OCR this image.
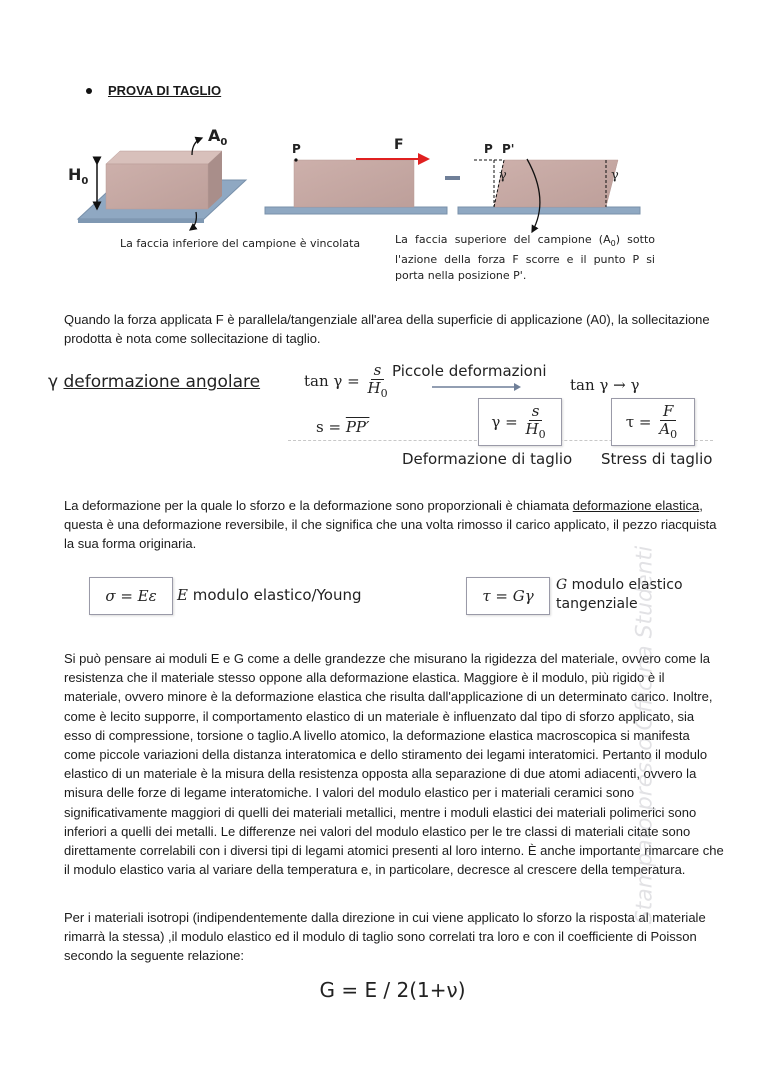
PROVA DI TAGLIO
$A_0$
$H_0$
P	F	P P'
γ	γ
La faccia inferiore del campione è vincolata	La faccia superiore del campione $(A_0)$ sotto l'azione della forza F scorre e il punto P si porta nella posizione P'.
Quando la forza applicata F è parallela/tangenziale all'area della superficie di applicazione (A0), la sollecitazione prodotta è nota come sollecitazione di taglio.
γ deformazione angolare	tan γ =
$\frac{s}{H_0}$ Piccole deformazioni
tan γ → γ
s = PP′	γ =
$\frac{s}{H_0}$	τ =
$\frac{F}{A_0}$
Deformazione di taglio Stress di taglio
La deformazione per la quale lo sforzo e la deformazione sono proporzionali è chiamata deformazione elastica, questa è una deformazione reversibile, il che significa che una volta rimosso il carico applicato, il pezzo riacquista la sua forma originaria.
σ = Eε	E modulo elastico/Young	τ = Gγ
G modulo elastico
tangenziale
Si può pensare ai moduli E e G come a delle grandezze che misurano la rigidezza del materiale, ovvero come la resistenza che il materiale stesso oppone alla deformazione elastica. Maggiore è il modulo, più rigido è il materiale, ovvero minore è la deformazione elastica che risulta dall'applicazione di un determinato carico. Inoltre, come è lecito supporre, il comportamento elastico di un materiale è influenzato dal tipo di sforzo applicato, sia esso di compressione, torsione o taglio.A livello atomico, la deformazione elastica macroscopica si manifesta come piccole variazioni della distanza interatomica e dello stiramento dei legami interatomici. Pertanto il modulo elastico di un materiale è la misura della resistenza opposta alla separazione di due atomi adiacenti, ovvero la misura delle forze di legame interatomiche. I valori del modulo elastico per i materiali ceramici sono significativamente maggiori di quelli dei materiali metallici, mentre i moduli elastici dei materiali polimerici sono inferiori a quelli dei metalli. Le differenze nei valori del modulo elastico per le tre classi di materiali citate sono direttamente correlabili con i diversi tipi di legami atomici presenti al loro interno. È anche importante rimarcare che il modulo elastico varia al variare della temperatura e, in particolare, decresce al crescere della temperatura.
Per i materiali isotropi (indipendentemente dalla direzione in cui viene applicato lo sforzo la risposta al materiale rimarrà la stessa) ,il modulo elastico ed il modulo di taglio sono correlati tra loro e con il coefficiente di Poisson secondo la seguente relazione:
G = E / 2(1+ν)
Stampato presso Officina Studenti
